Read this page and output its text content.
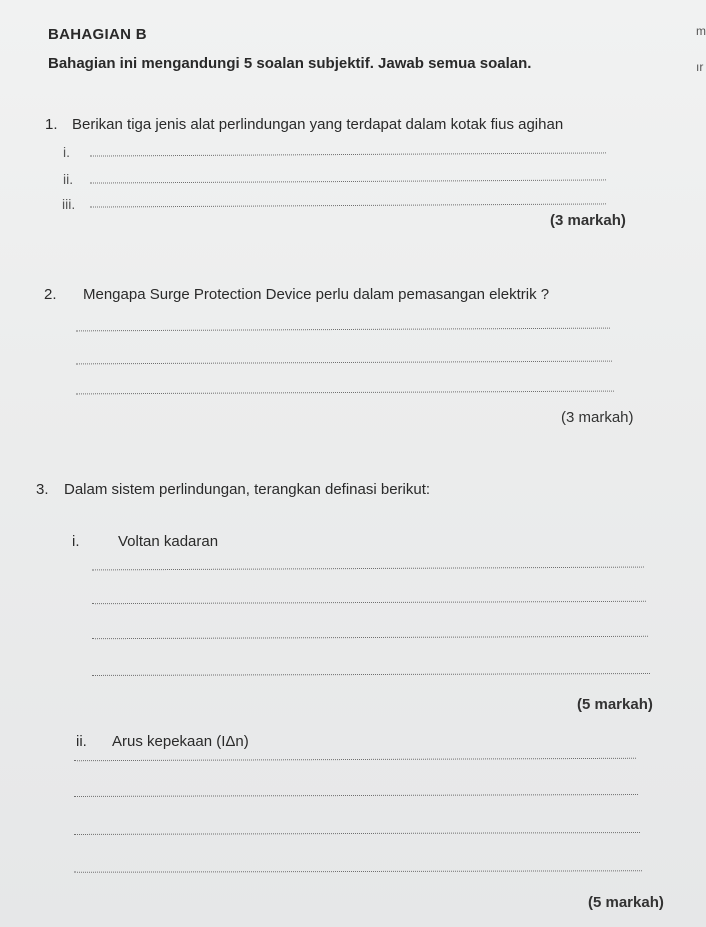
BAHAGIAN B	m
Bahagian ini mengandungi 5 soalan subjektif. Jawab semua soalan.	ır
1. Berikan tiga jenis alat perlindungan yang terdapat dalam kotak fius agihan
i.
ii.
iii.
(3 markah)
2. Mengapa Surge Protection Device perlu dalam pemasangan elektrik ?
(3 markah)
3. Dalam sistem perlindungan, terangkan definasi berikut:
i.	Voltan kadaran
(5 markah)
ii. Arus kepekaan (IΔn)
(5 markah)
